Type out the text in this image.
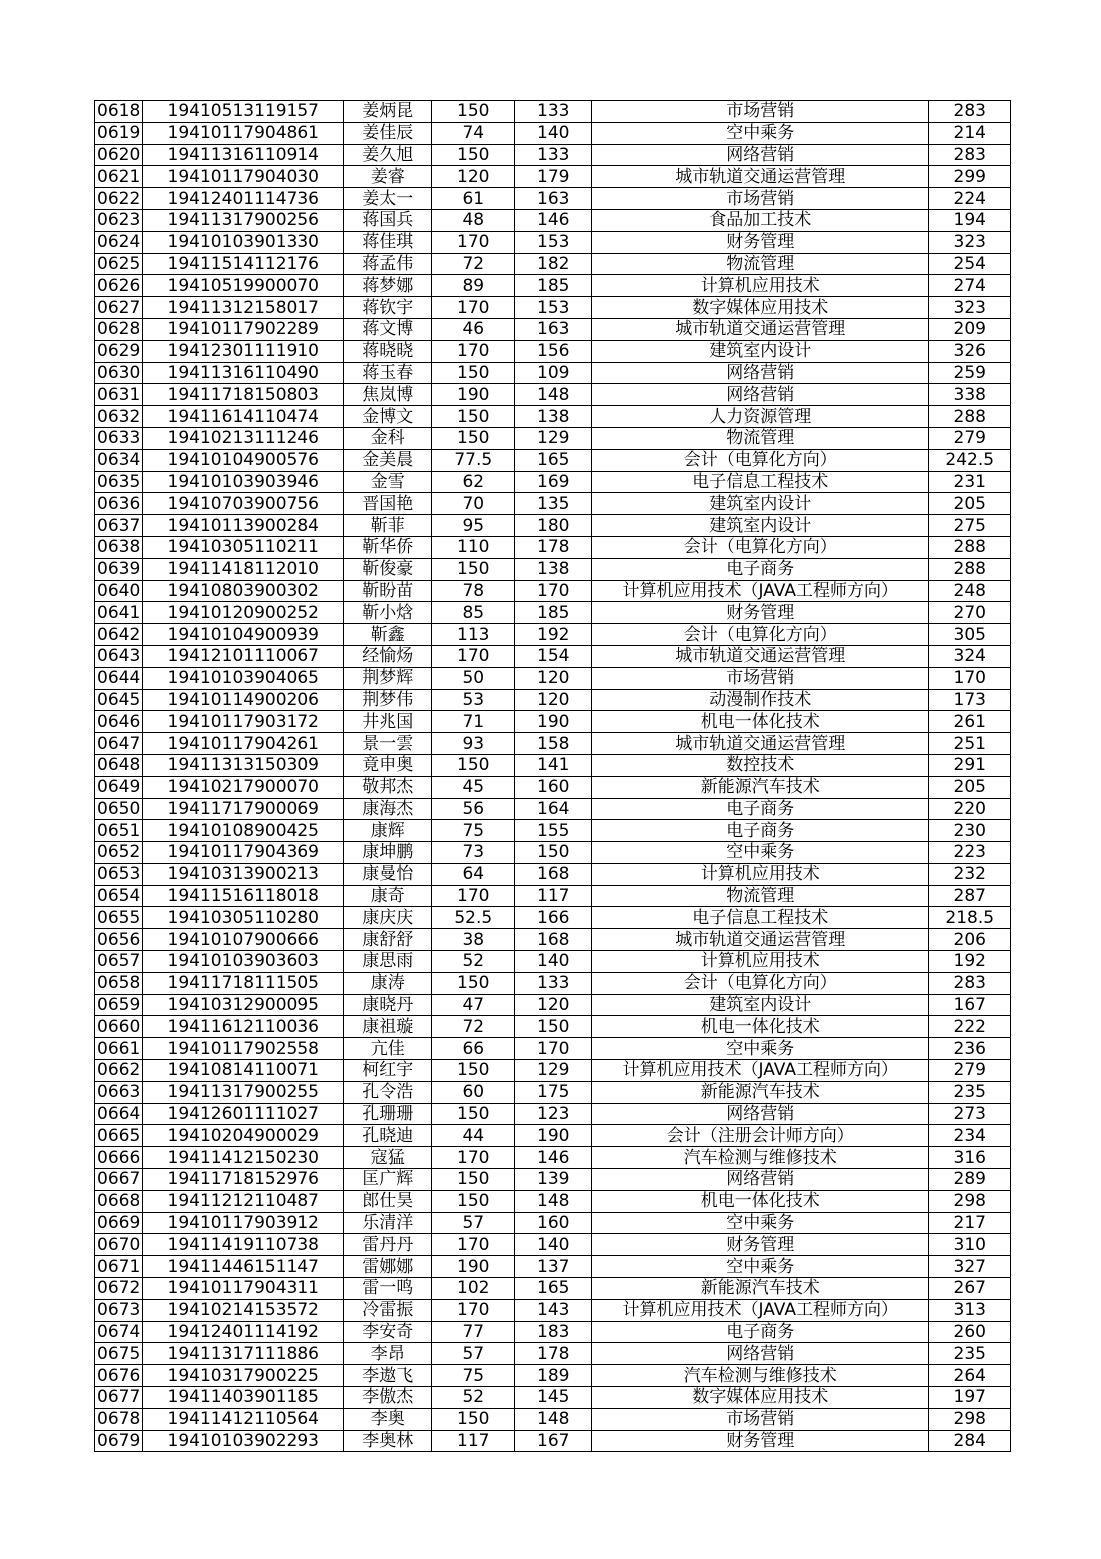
0618	19410513119157	姜炳昆	150	133	市场营销	283
0619	19410117904861	姜佳辰	74	140	空中乘务	214
0620	19411316110914	姜久旭	150	133	网络营销	283
0621	19410117904030	姜睿	120	179	城市轨道交通运营管理	299
0622	19412401114736	姜太一	61	163	市场营销	224
0623	19411317900256	蒋国兵	48	146	食品加工技术	194
0624	19410103901330	蒋佳琪	170	153	财务管理	323
0625	19411514112176	蒋孟伟	72	182	物流管理	254
0626	19410519900070	蒋梦娜	89	185	计算机应用技术	274
0627	19411312158017	蒋钦宇	170	153	数字媒体应用技术	323
0628	19410117902289	蒋文博	46	163	城市轨道交通运营管理	209
0629	19412301111910	蒋晓晓	170	156	建筑室内设计	326
0630	19411316110490	蒋玉春	150	109	网络营销	259
0631	19411718150803	焦岚博	190	148	网络营销	338
0632	19411614110474	金博文	150	138	人力资源管理	288
0633	19410213111246	金科	150	129	物流管理	279
0634	19410104900576	金美晨	77.5	165	会计（电算化方向）	242.5
0635	19410103903946	金雪	62	169	电子信息工程技术	231
0636	19410703900756	晋国艳	70	135	建筑室内设计	205
0637	19410113900284	靳菲	95	180	建筑室内设计	275
0638	19410305110211	靳华侨	110	178	会计（电算化方向）	288
0639	19411418112010	靳俊豪	150	138	电子商务	288
0640	19410803900302	靳盼苗	78	170	计算机应用技术（JAVA工程师方向）	248
0641	19410120900252	靳小焓	85	185	财务管理	270
0642	19410104900939	靳鑫	113	192	会计（电算化方向）	305
0643	19412101110067	经愉炀	170	154	城市轨道交通运营管理	324
0644	19410103904065	荆梦辉	50	120	市场营销	170
0645	19410114900206	荆梦伟	53	120	动漫制作技术	173
0646	19410117903172	井兆国	71	190	机电一体化技术	261
0647	19410117904261	景一雲	93	158	城市轨道交通运营管理	251
0648	19411313150309	竟申奥	150	141	数控技术	291
0649	19410217900070	敬邦杰	45	160	新能源汽车技术	205
0650	19411717900069	康海杰	56	164	电子商务	220
0651	19410108900425	康辉	75	155	电子商务	230
0652	19410117904369	康坤鹏	73	150	空中乘务	223
0653	19410313900213	康曼怡	64	168	计算机应用技术	232
0654	19411516118018	康奇	170	117	物流管理	287
0655	19410305110280	康庆庆	52.5	166	电子信息工程技术	218.5
0656	19410107900666	康舒舒	38	168	城市轨道交通运营管理	206
0657	19410103903603	康思雨	52	140	计算机应用技术	192
0658	19411718111505	康涛	150	133	会计（电算化方向）	283
0659	19410312900095	康晓丹	47	120	建筑室内设计	167
0660	19411612110036	康祖璇	72	150	机电一体化技术	222
0661	19410117902558	亢佳	66	170	空中乘务	236
0662	19410814110071	柯红宇	150	129	计算机应用技术（JAVA工程师方向）	279
0663	19411317900255	孔令浩	60	175	新能源汽车技术	235
0664	19412601111027	孔珊珊	150	123	网络营销	273
0665	19410204900029	孔晓迪	44	190	会计（注册会计师方向）	234
0666	19411412150230	寇猛	170	146	汽车检测与维修技术	316
0667	19411718152976	匡广辉	150	139	网络营销	289
0668	19411212110487	郎仕昊	150	148	机电一体化技术	298
0669	19410117903912	乐清洋	57	160	空中乘务	217
0670	19411419110738	雷丹丹	170	140	财务管理	310
0671	19411446151147	雷娜娜	190	137	空中乘务	327
0672	19410117904311	雷一鸣	102	165	新能源汽车技术	267
0673	19410214153572	冷雷振	170	143	计算机应用技术（JAVA工程师方向）	313
0674	19412401114192	李安奇	77	183	电子商务	260
0675	19411317111886	李昂	57	178	网络营销	235
0676	19410317900225	李遨飞	75	189	汽车检测与维修技术	264
0677	19411403901185	李傲杰	52	145	数字媒体应用技术	197
0678	19411412110564	李奥	150	148	市场营销	298
0679	19410103902293	李奥林	117	167	财务管理	284
